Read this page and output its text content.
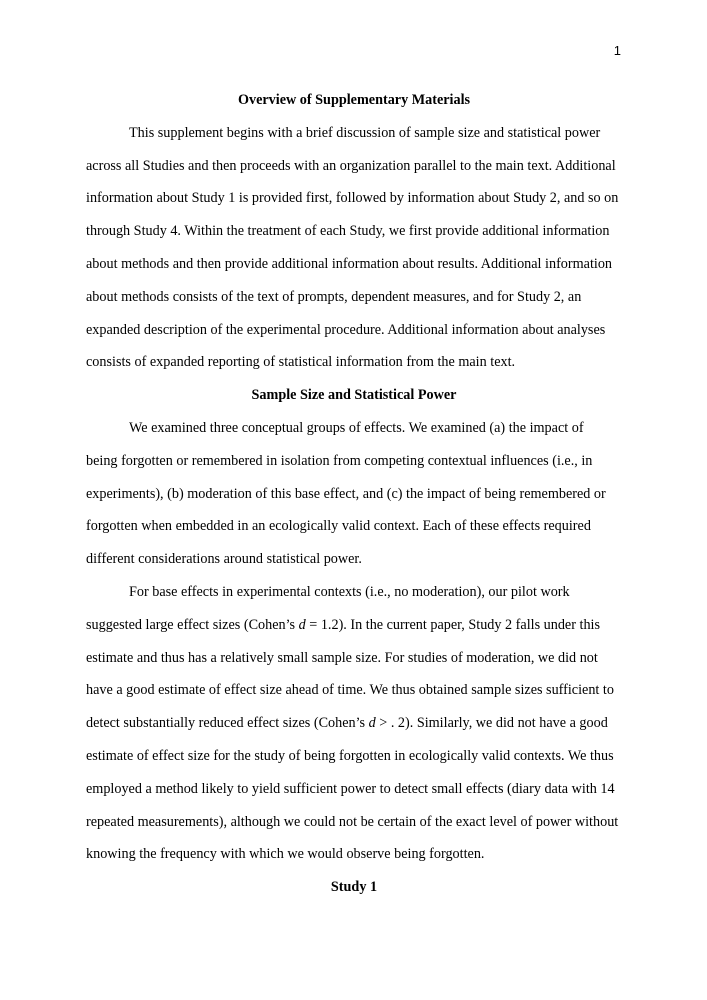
1
Overview of Supplementary Materials
This supplement begins with a brief discussion of sample size and statistical power
across all Studies and then proceeds with an organization parallel to the main text. Additional
information about Study 1 is provided first, followed by information about Study 2, and so on
through Study 4. Within the treatment of each Study, we first provide additional information
about methods and then provide additional information about results. Additional information
about methods consists of the text of prompts, dependent measures, and for Study 2, an
expanded description of the experimental procedure. Additional information about analyses
consists of expanded reporting of statistical information from the main text.
Sample Size and Statistical Power
We examined three conceptual groups of effects. We examined (a) the impact of
being forgotten or remembered in isolation from competing contextual influences (i.e., in
experiments), (b) moderation of this base effect, and (c) the impact of being remembered or
forgotten when embedded in an ecologically valid context. Each of these effects required
different considerations around statistical power.
For base effects in experimental contexts (i.e., no moderation), our pilot work
suggested large effect sizes (Cohen’s d = 1.2). In the current paper, Study 2 falls under this
estimate and thus has a relatively small sample size. For studies of moderation, we did not
have a good estimate of effect size ahead of time. We thus obtained sample sizes sufficient to
detect substantially reduced effect sizes (Cohen’s d > . 2). Similarly, we did not have a good
estimate of effect size for the study of being forgotten in ecologically valid contexts. We thus
employed a method likely to yield sufficient power to detect small effects (diary data with 14
repeated measurements), although we could not be certain of the exact level of power without
knowing the frequency with which we would observe being forgotten.
Study 1
